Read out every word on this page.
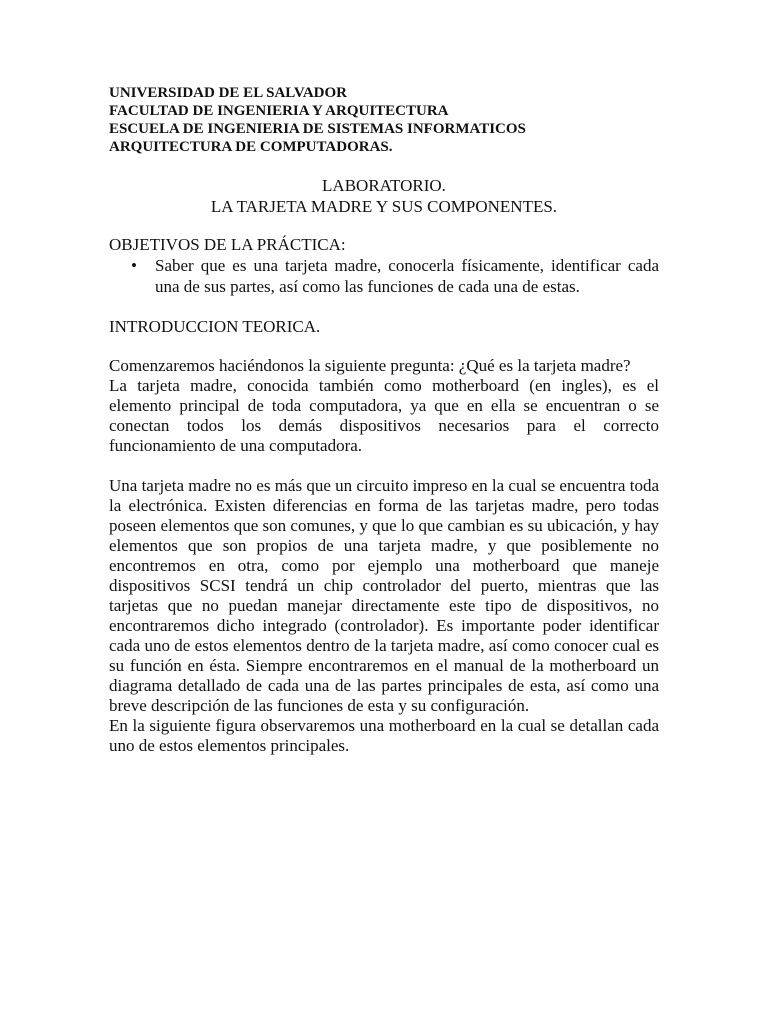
UNIVERSIDAD DE EL SALVADOR
FACULTAD DE INGENIERIA Y ARQUITECTURA
ESCUELA DE INGENIERIA DE SISTEMAS INFORMATICOS
ARQUITECTURA DE COMPUTADORAS.
LABORATORIO.
LA TARJETA MADRE Y SUS COMPONENTES.
OBJETIVOS DE LA PRÁCTICA:
• Saber que es una tarjeta madre, conocerla físicamente, identificar cada una de sus partes, así como las funciones de cada una de estas.
INTRODUCCION TEORICA.

Comenzaremos haciéndonos la siguiente pregunta: ¿Qué es la tarjeta madre?

La tarjeta madre, conocida también como motherboard (en ingles), es el elemento principal de toda computadora, ya que en ella se encuentran o se conectan todos los demás dispositivos necesarios para el correcto funcionamiento de una computadora.

Una tarjeta madre no es más que un circuito impreso en la cual se encuentra toda la electrónica. Existen diferencias en forma de las tarjetas madre, pero todas poseen elementos que son comunes, y que lo que cambian es su ubicación, y hay elementos que son propios de una tarjeta madre, y que posiblemente no encontremos en otra, como por ejemplo una motherboard que maneje dispositivos SCSI tendrá un chip controlador del puerto, mientras que las tarjetas que no puedan manejar directamente este tipo de dispositivos, no encontraremos dicho integrado (controlador). Es importante poder identificar cada uno de estos elementos dentro de la tarjeta madre, así como conocer cual es su función en ésta. Siempre encontraremos en el manual de la motherboard un diagrama detallado de cada una de las partes principales de esta, así como una breve descripción de las funciones de esta y su configuración.

En la siguiente figura observaremos una motherboard en la cual se detallan cada uno de estos elementos principales.
